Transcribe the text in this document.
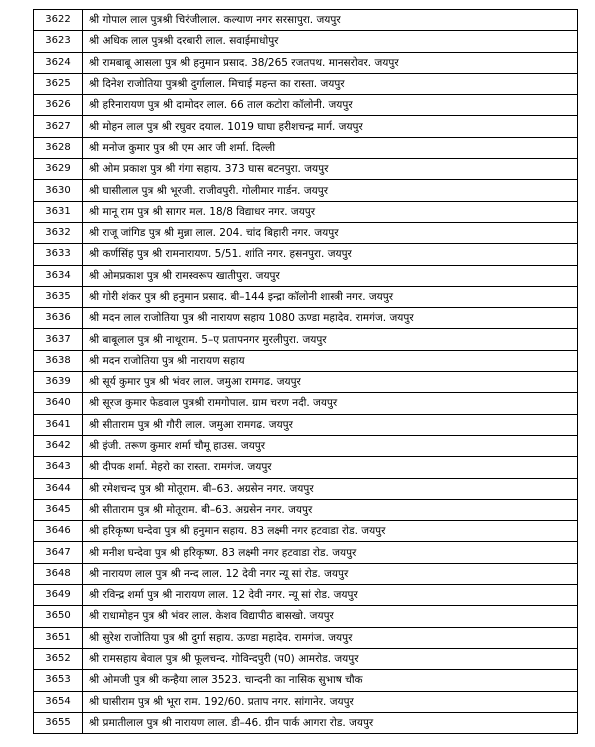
3622	श्री गोपाल लाल पुत्रश्री चिरंजीलाल. कल्याण नगर सरसापुरा. जयपुर
3623	श्री अधिक लाल पुत्रश्री दरबारी लाल. सवाईमाधोपुर
3624	श्री रामबाबू आसला पुत्र श्री हनुमान प्रसाद. 38/265 रजतपथ. मानसरोवर. जयपुर
3625	श्री दिनेश राजोतिया पुत्रश्री दुर्गालाल. मिचाई महन्त का रास्ता. जयपुर
3626	श्री हरिनारायण पुत्र श्री दामोदर लाल. 66 ताल कटोरा कॉलोनी. जयपुर
3627	श्री मोहन लाल पुत्र श्री रघुवर दयाल. 1019 घाघा हरीशचन्द्र मार्ग. जयपुर
3628	श्री मनोज कुमार पुत्र श्री एम आर जी शर्मा. दिल्ली
3629	श्री ओम प्रकाश पुत्र श्री गंगा सहाय. 373 घास बटनपुरा. जयपुर
3630	श्री घासीलाल पुत्र श्री भूरजी. राजीवपुरी. गोलीमार गार्डन. जयपुर
3631	श्री मानू राम पुत्र श्री सागर मल. 18/8 विद्याधर नगर. जयपुर
3632	श्री राजू जांगिड पुत्र श्री मुन्ना लाल. 204. चांद बिहारी नगर. जयपुर
3633	श्री कर्णसिंह पुत्र श्री रामनारायण. 5/51. शांति नगर. हसनपुरा. जयपुर
3634	श्री ओमप्रकाश पुत्र श्री रामस्वरूप खातीपुरा. जयपुर
3635	श्री गोरी शंकर पुत्र श्री हनुमान प्रसाद. बी–144 इन्द्रा कॉलोनी शास्त्री नगर. जयपुर
3636	श्री मदन लाल राजोतिया पुत्र श्री नारायण सहाय 1080 ऊण्डा महादेव. रामगंज. जयपुर
3637	श्री बाबूलाल पुत्र श्री नाथूराम. 5–ए प्रतापनगर मुरलीपुरा. जयपुर
3638	श्री मदन राजोतिया पुत्र श्री नारायण सहाय
3639	श्री सूर्य कुमार पुत्र श्री भंवर लाल. जमुआ रामगढ. जयपुर
3640	श्री सूरज कुमार फेडवाल पुत्रश्री रामगोपाल. ग्राम चरण नदी. जयपुर
3641	श्री सीताराम पुत्र श्री गौरी लाल. जमुआ रामगढ. जयपुर
3642	श्री इंजी. तरूण कुमार शर्मा चौमू हाउस. जयपुर
3643	श्री दीपक शर्मा. मेहरो का रास्ता. रामगंज. जयपुर
3644	श्री रमेशचन्द पुत्र श्री मोतूराम. बी–63. अग्रसेन नगर. जयपुर
3645	श्री सीताराम पुत्र श्री मोतूराम. बी–63. अग्रसेन नगर. जयपुर
3646	श्री हरिकृष्ण घन्देवा पुत्र श्री हनुमान सहाय. 83 लक्ष्मी नगर हटवाडा रोड. जयपुर
3647	श्री मनीश घन्देवा पुत्र श्री हरिकृष्ण. 83 लक्ष्मी नगर हटवाडा रोड. जयपुर
3648	श्री नारायण लाल पुत्र श्री नन्द लाल. 12 देवी नगर न्यू सां रोड. जयपुर
3649	श्री रविन्द्र शर्मा पुत्र श्री नारायण लाल. 12 देवी नगर. न्यू सां रोड. जयपुर
3650	श्री राधामोहन पुत्र श्री भंवर लाल. केशव विद्यापीठ बासखो. जयपुर
3651	श्री सुरेश राजोतिया पुत्र श्री दुर्गा सहाय. ऊण्डा महादेव. रामगंज. जयपुर
3652	श्री रामसहाय बेवाल पुत्र श्री फूलचन्द. गोविन्दपुरी (प0) आमरोड. जयपुर
3653	श्री ओमजी पुत्र श्री कन्हैया लाल 3523. चान्दनी का नासिक सुभाष चौक
3654	श्री घासीराम पुत्र श्री भूरा राम. 192/60. प्रताप नगर. सांगानेर. जयपुर
3655	श्री प्रमातीलाल पुत्र श्री नारायण लाल. डी–46. ग्रीन पार्क आगरा रोड. जयपुर
